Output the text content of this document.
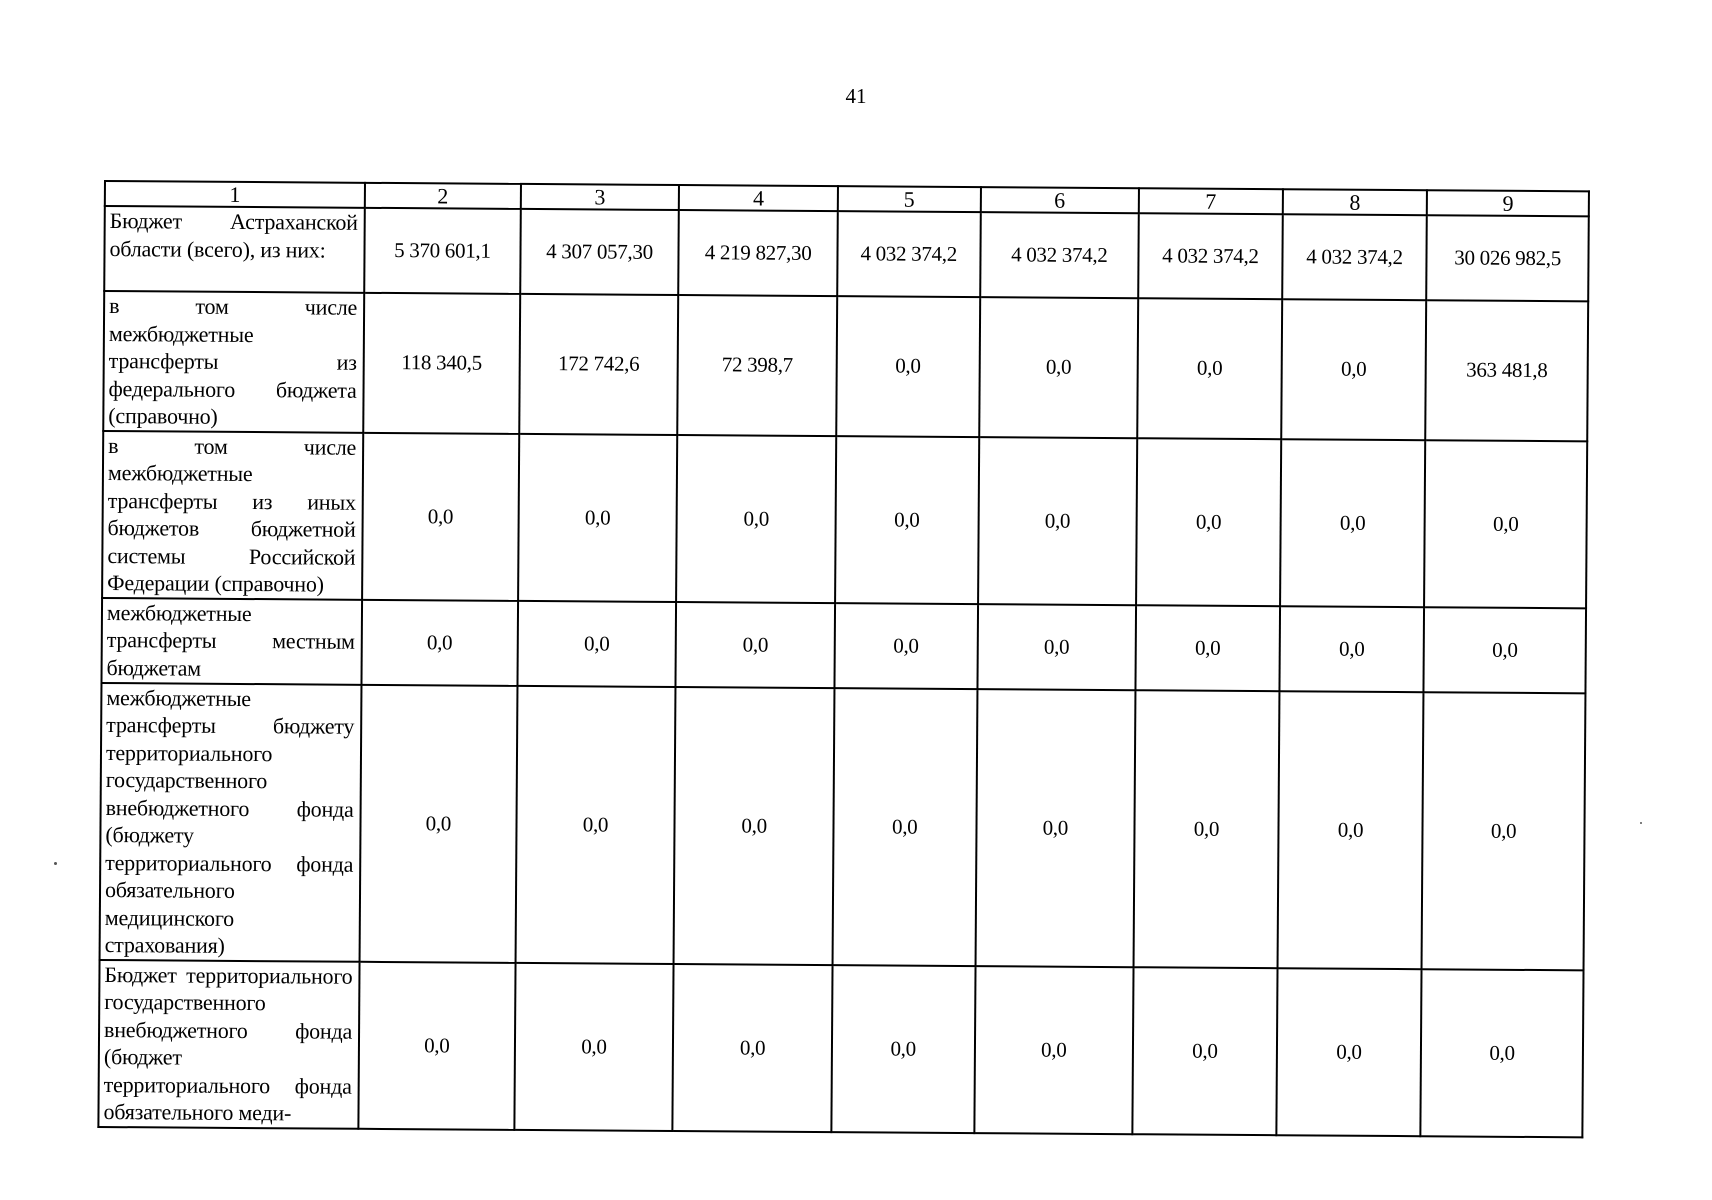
41
1	2	3	4	5	6	7	8	9
Бюджет Астраханской области (всего), из них:	5 370 601,1	4 307 057,30	4 219 827,30	4 032 374,2	4 032 374,2	4 032 374,2	4 032 374,2	30 026 982,5
в том числе межбюджетные трансферты из федерального бюджета (справочно)	118 340,5	172 742,6	72 398,7	0,0	0,0	0,0	0,0	363 481,8
в том числе межбюджетные трансферты из иных бюджетов бюджетной системы Российской Федерации (справочно)	0,0	0,0	0,0	0,0	0,0	0,0	0,0	0,0
межбюджетные трансферты местным бюджетам	0,0	0,0	0,0	0,0	0,0	0,0	0,0	0,0
межбюджетные трансферты бюджету территориального государственного внебюджетного фонда (бюджету территориального фонда обязательного медицинского страхования)	0,0	0,0	0,0	0,0	0,0	0,0	0,0	0,0
Бюджет территориального государственного внебюджетного фонда (бюджет территориального фонда обязательного меди-	0,0	0,0	0,0	0,0	0,0	0,0	0,0	0,0
